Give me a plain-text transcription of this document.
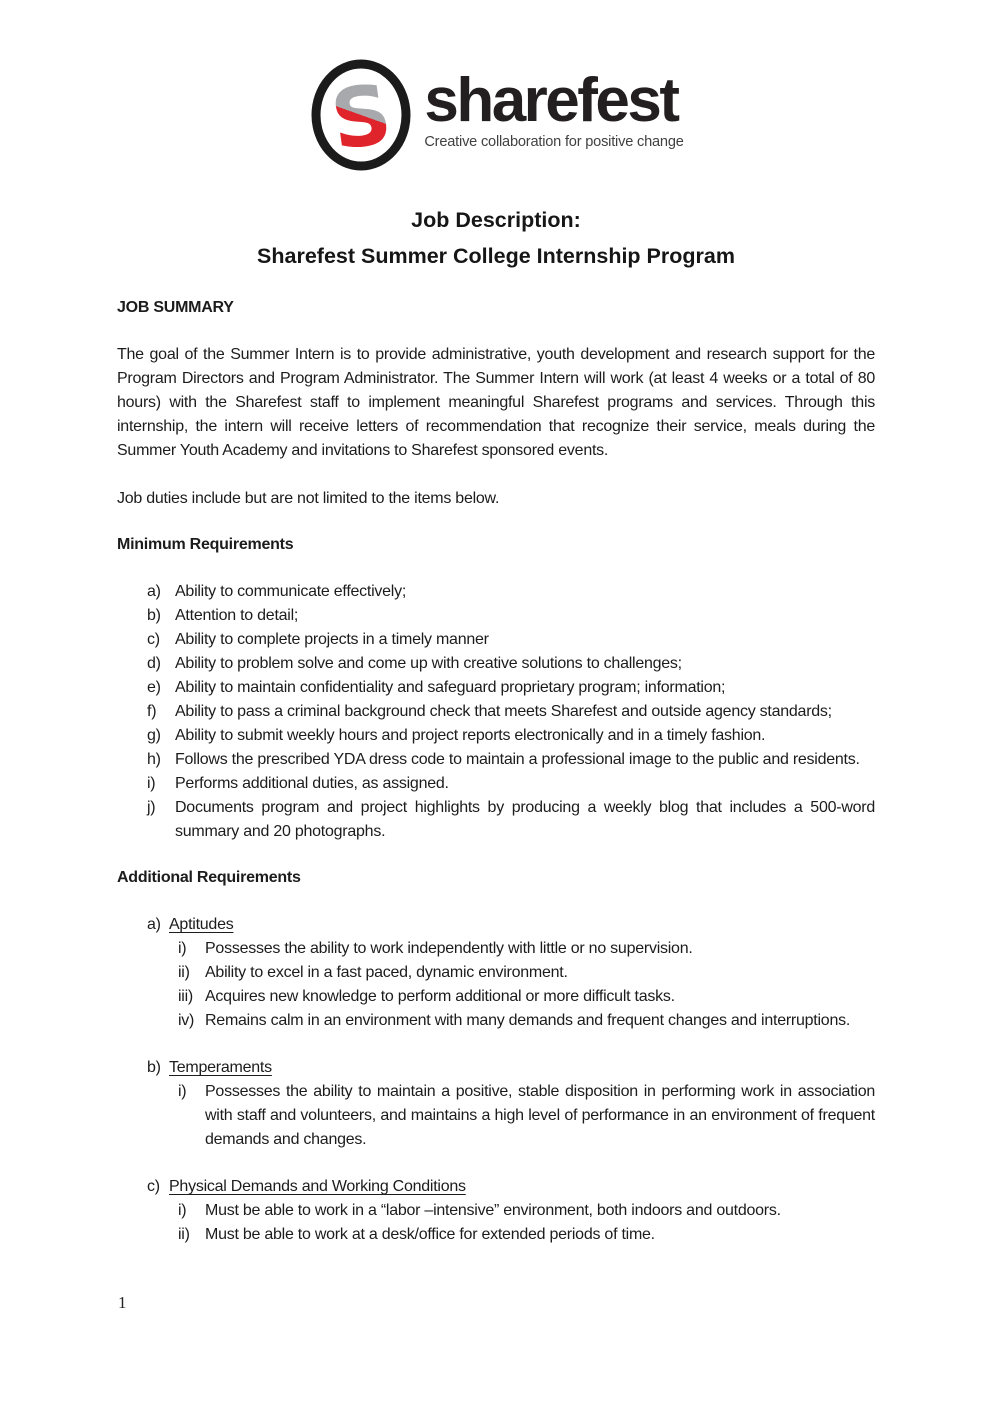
S sharefest
Creative collaboration for positive change
Job Description:
Sharefest Summer College Internship Program
JOB SUMMARY
The goal of the Summer Intern is to provide administrative, youth development and research support for the Program Directors and Program Administrator. The Summer Intern will work (at least 4 weeks or a total of 80 hours) with the Sharefest staff to implement meaningful Sharefest programs and services. Through this internship, the intern will receive letters of recommendation that recognize their service, meals during the Summer Youth Academy and invitations to Sharefest sponsored events.
Job duties include but are not limited to the items below.
Minimum Requirements
a) Ability to communicate effectively;
b) Attention to detail;
c) Ability to complete projects in a timely manner
d) Ability to problem solve and come up with creative solutions to challenges;
e) Ability to maintain confidentiality and safeguard proprietary program; information;
f)	Ability to pass a criminal background check that meets Sharefest and outside agency standards;
g) Ability to submit weekly hours and project reports electronically and in a timely fashion.
h) Follows the prescribed YDA dress code to maintain a professional image to the public and residents.
i)	Performs additional duties, as assigned.
j)	Documents program and project highlights by producing a weekly blog that includes a 500-word summary and 20 photographs.
Additional Requirements
a) Aptitudes
i)	Possesses the ability to work independently with little or no supervision.
ii) Ability to excel in a fast paced, dynamic environment.
iii) Acquires new knowledge to perform additional or more difficult tasks.
iv) Remains calm in an environment with many demands and frequent changes and interruptions.
b) Temperaments
i)	Possesses the ability to maintain a positive, stable disposition in performing work in association with staff and volunteers, and maintains a high level of performance in an environment of frequent demands and changes.
c) Physical Demands and Working Conditions
i)	Must be able to work in a “labor –intensive” environment, both indoors and outdoors.
ii) Must be able to work at a desk/office for extended periods of time.
1
